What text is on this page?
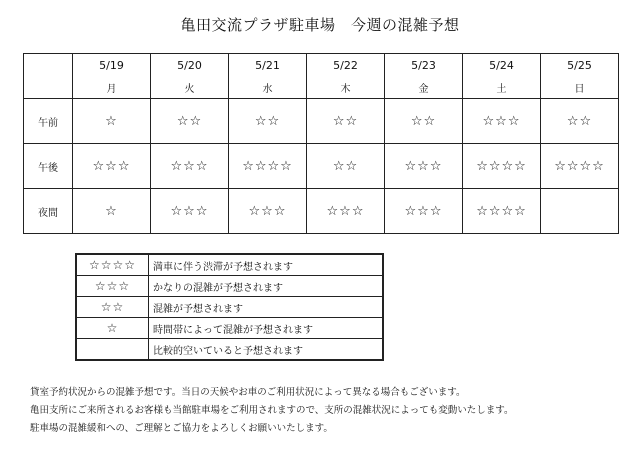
亀田交流プラザ駐車場　今週の混雑予想
	5/19	5/20	5/21	5/22	5/23	5/24	5/25
	月	火	水	木	金	土	日
午前	☆	☆☆	☆☆	☆☆	☆☆	☆☆☆	☆☆
午後	☆☆☆	☆☆☆	☆☆☆☆	☆☆	☆☆☆	☆☆☆☆	☆☆☆☆
夜間	☆	☆☆☆	☆☆☆	☆☆☆	☆☆☆	☆☆☆☆	
☆☆☆☆	満車に伴う渋滞が予想されます
☆☆☆	かなりの混雑が予想されます
☆☆	混雑が予想されます
☆	時間帯によって混雑が予想されます
	比較的空いていると予想されます
貸室予約状況からの混雑予想です。当日の天候やお車のご利用状況によって異なる場合もございます。
亀田支所にご来所されるお客様も当館駐車場をご利用されますので、支所の混雑状況によっても変動いたします。
駐車場の混雑緩和への、ご理解とご協力をよろしくお願いいたします。
